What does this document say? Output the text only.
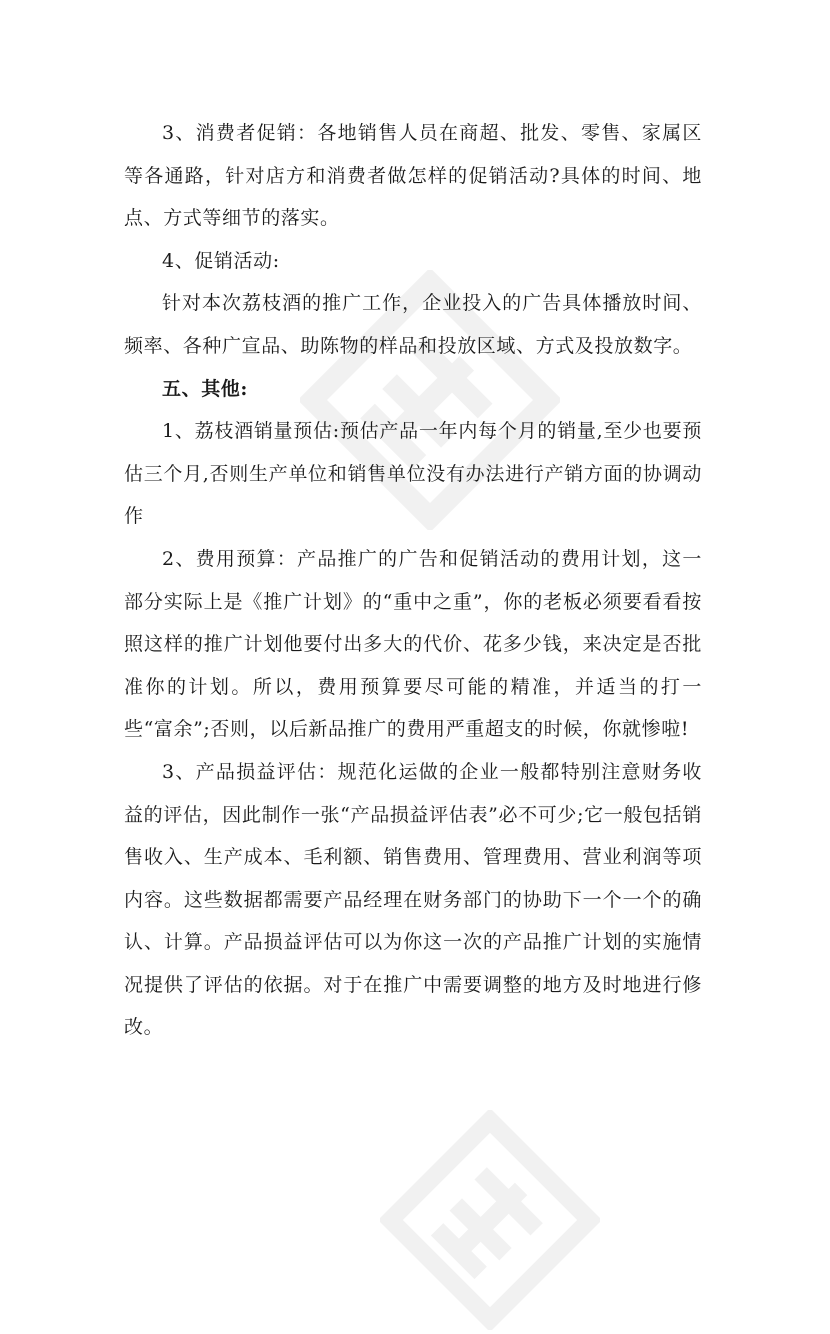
3、消费者促销：各地销售人员在商超、批发、零售、家属区等各通路，针对店方和消费者做怎样的促销活动?具体的时间、地点、方式等细节的落实。

4、促销活动:

针对本次荔枝酒的推广工作，企业投入的广告具体播放时间、频率、各种广宣品、助陈物的样品和投放区域、方式及投放数字。

五、其他:

1、荔枝酒销量预估:预估产品一年内每个月的销量,至少也要预估三个月,否则生产单位和销售单位没有办法进行产销方面的协调动作

2、费用预算：产品推广的广告和促销活动的费用计划，这一部分实际上是《推广计划》的“重中之重”，你的老板必须要看看按照这样的推广计划他要付出多大的代价、花多少钱，来决定是否批准你的计划。所以，费用预算要尽可能的精准，并适当的打一些“富余”;否则，以后新品推广的费用严重超支的时候，你就惨啦!

3、产品损益评估：规范化运做的企业一般都特别注意财务收益的评估，因此制作一张“产品损益评估表”必不可少;它一般包括销售收入、生产成本、毛利额、销售费用、管理费用、营业利润等项内容。这些数据都需要产品经理在财务部门的协助下一个一个的确认、计算。产品损益评估可以为你这一次的产品推广计划的实施情况提供了评估的依据。对于在推广中需要调整的地方及时地进行修改。
